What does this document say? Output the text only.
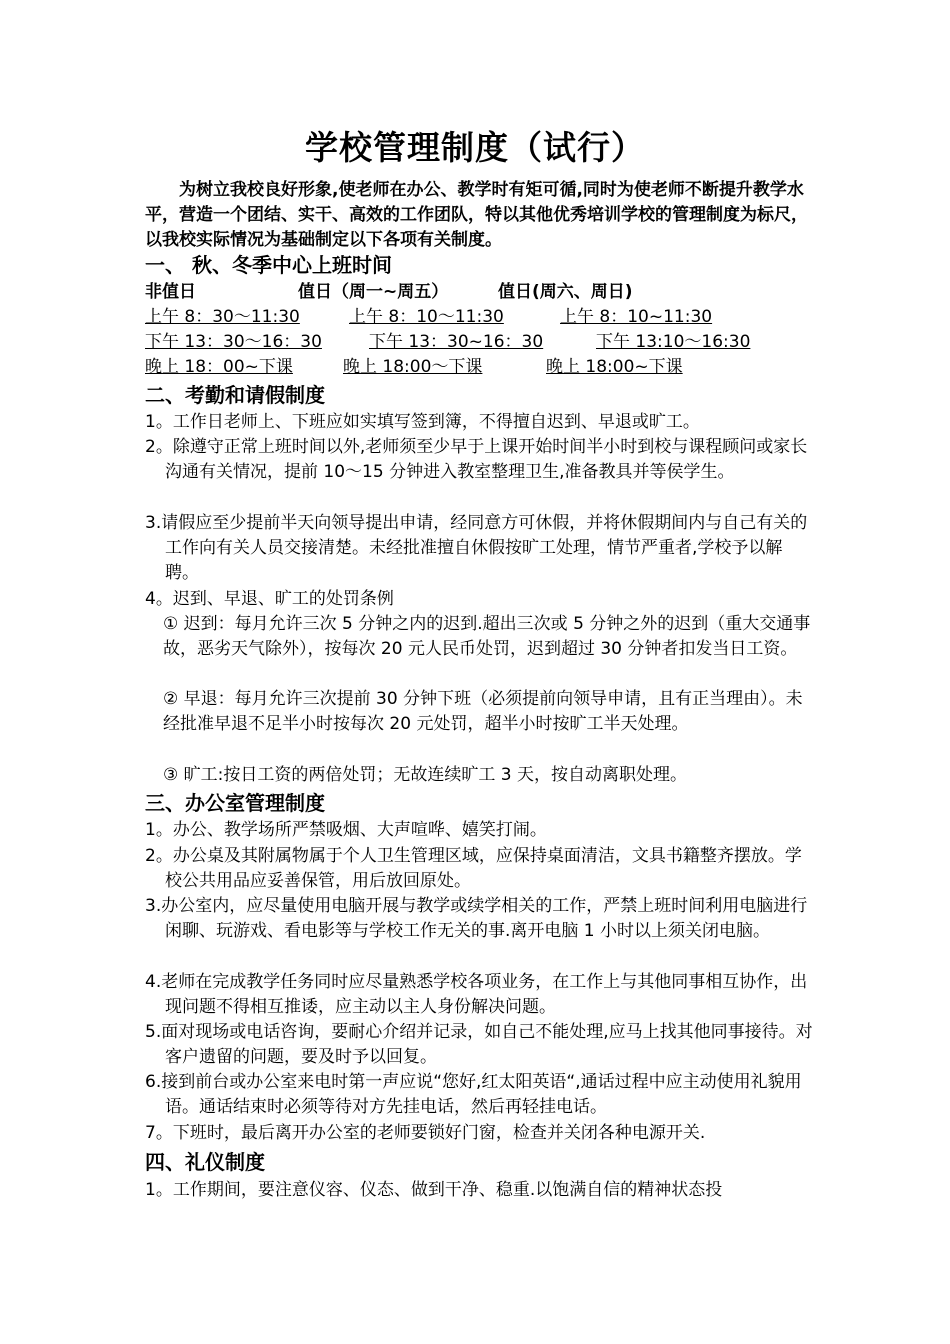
学校管理制度（试行）
为树立我校良好形象,使老师在办公、教学时有矩可循,同时为使老师不断提升教学水平，营造一个团结、实干、高效的工作团队，特以其他优秀培训学校的管理制度为标尺，以我校实际情况为基础制定以下各项有关制度。
一、 秋、冬季中心上班时间
非值日	值日（周一~周五）	值日(周六、周日)
上午 8：30～11:30	上午 8：10～11:30	上午 8：10~11:30
下午 13：30～16：30	下午 13：30~16：30	下午 13:10～16:30
晚上 18：00~下课	晚上 18:00～下课	晚上 18:00~下课
二、考勤和请假制度
1。工作日老师上、下班应如实填写签到簿，不得擅自迟到、早退或旷工。
2。除遵守正常上班时间以外,老师须至少早于上课开始时间半小时到校与课程顾问或家长沟通有关情况，提前 10～15 分钟进入教室整理卫生,准备教具并等侯学生。
3.请假应至少提前半天向领导提出申请，经同意方可休假，并将休假期间内与自己有关的工作向有关人员交接清楚。未经批准擅自休假按旷工处理，情节严重者,学校予以解聘。
4。迟到、早退、旷工的处罚条例
① 迟到：每月允许三次 5 分钟之内的迟到.超出三次或 5 分钟之外的迟到（重大交通事故，恶劣天气除外），按每次 20 元人民币处罚，迟到超过 30 分钟者扣发当日工资。
② 早退：每月允许三次提前 30 分钟下班（必须提前向领导申请，且有正当理由）。未经批准早退不足半小时按每次 20 元处罚，超半小时按旷工半天处理。
③ 旷工:按日工资的两倍处罚；无故连续旷工 3 天，按自动离职处理。
三、办公室管理制度
1。办公、教学场所严禁吸烟、大声喧哗、嬉笑打闹。
2。办公桌及其附属物属于个人卫生管理区域，应保持桌面清洁，文具书籍整齐摆放。学校公共用品应妥善保管，用后放回原处。
3.办公室内，应尽量使用电脑开展与教学或续学相关的工作，严禁上班时间利用电脑进行闲聊、玩游戏、看电影等与学校工作无关的事.离开电脑 1 小时以上须关闭电脑。
4.老师在完成教学任务同时应尽量熟悉学校各项业务，在工作上与其他同事相互协作，出现问题不得相互推诿，应主动以主人身份解决问题。
5.面对现场或电话咨询，要耐心介绍并记录，如自己不能处理,应马上找其他同事接待。对客户遗留的问题，要及时予以回复。
6.接到前台或办公室来电时第一声应说“您好,红太阳英语“,通话过程中应主动使用礼貌用语。通话结束时必须等待对方先挂电话，然后再轻挂电话。
7。下班时，最后离开办公室的老师要锁好门窗，检查并关闭各种电源开关.
四、礼仪制度
1。工作期间，要注意仪容、仪态、做到干净、稳重.以饱满自信的精神状态投
